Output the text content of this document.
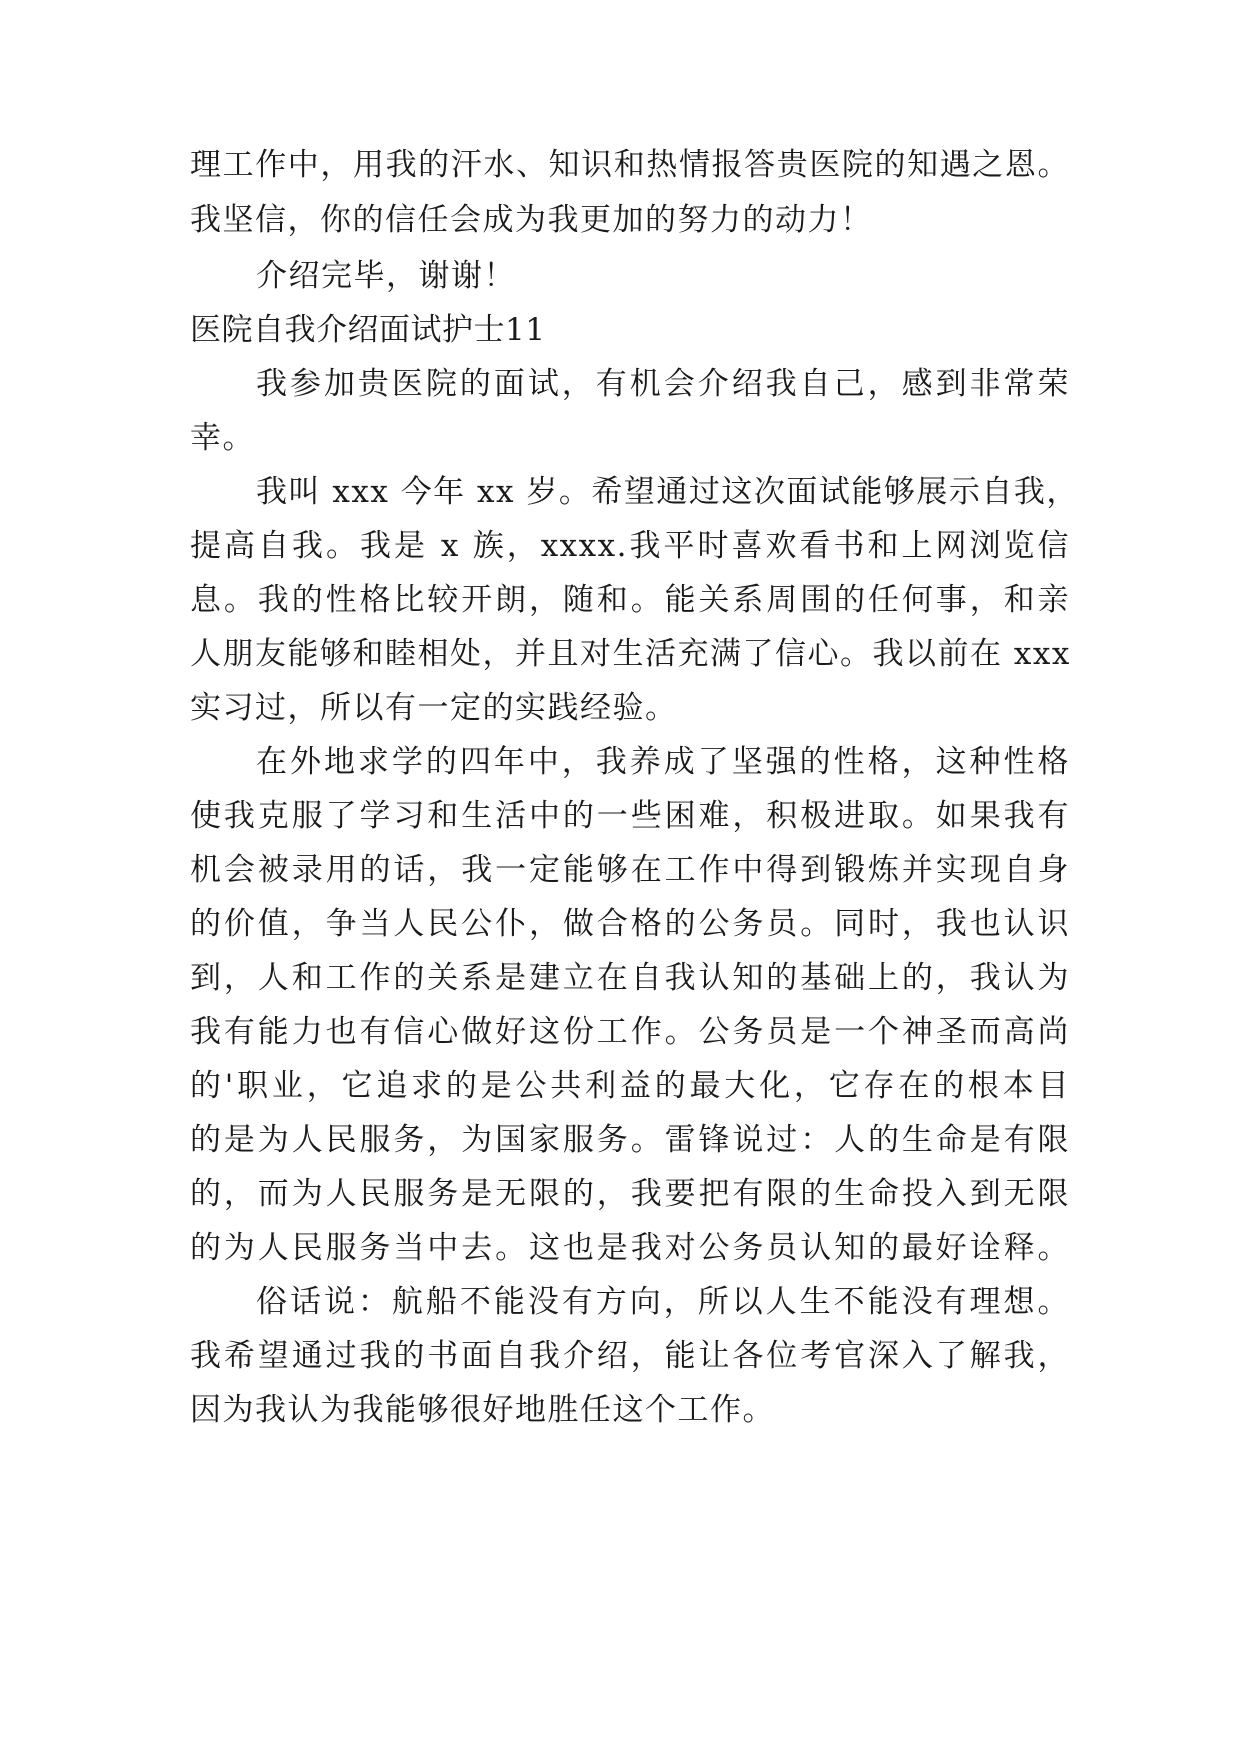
理工作中，用我的汗水、知识和热情报答贵医院的知遇之恩。
我坚信，你的信任会成为我更加的努力的动力！
介绍完毕，谢谢！
医院自我介绍面试护士11
我参加贵医院的面试，有机会介绍我自己，感到非常荣
幸。
我叫 xxx 今年 xx 岁。希望通过这次面试能够展示自我，
提高自我。我是 x 族，xxxx.我平时喜欢看书和上网浏览信
息。我的性格比较开朗，随和。能关系周围的任何事，和亲
人朋友能够和睦相处，并且对生活充满了信心。我以前在 xxx
实习过，所以有一定的实践经验。
在外地求学的四年中，我养成了坚强的性格，这种性格
使我克服了学习和生活中的一些困难，积极进取。如果我有
机会被录用的话，我一定能够在工作中得到锻炼并实现自身
的价值，争当人民公仆，做合格的公务员。同时，我也认识
到，人和工作的关系是建立在自我认知的基础上的，我认为
我有能力也有信心做好这份工作。公务员是一个神圣而高尚
的'职业，它追求的是公共利益的最大化，它存在的根本目
的是为人民服务，为国家服务。雷锋说过：人的生命是有限
的，而为人民服务是无限的，我要把有限的生命投入到无限
的为人民服务当中去。这也是我对公务员认知的最好诠释。
俗话说：航船不能没有方向，所以人生不能没有理想。
我希望通过我的书面自我介绍，能让各位考官深入了解我，
因为我认为我能够很好地胜任这个工作。
